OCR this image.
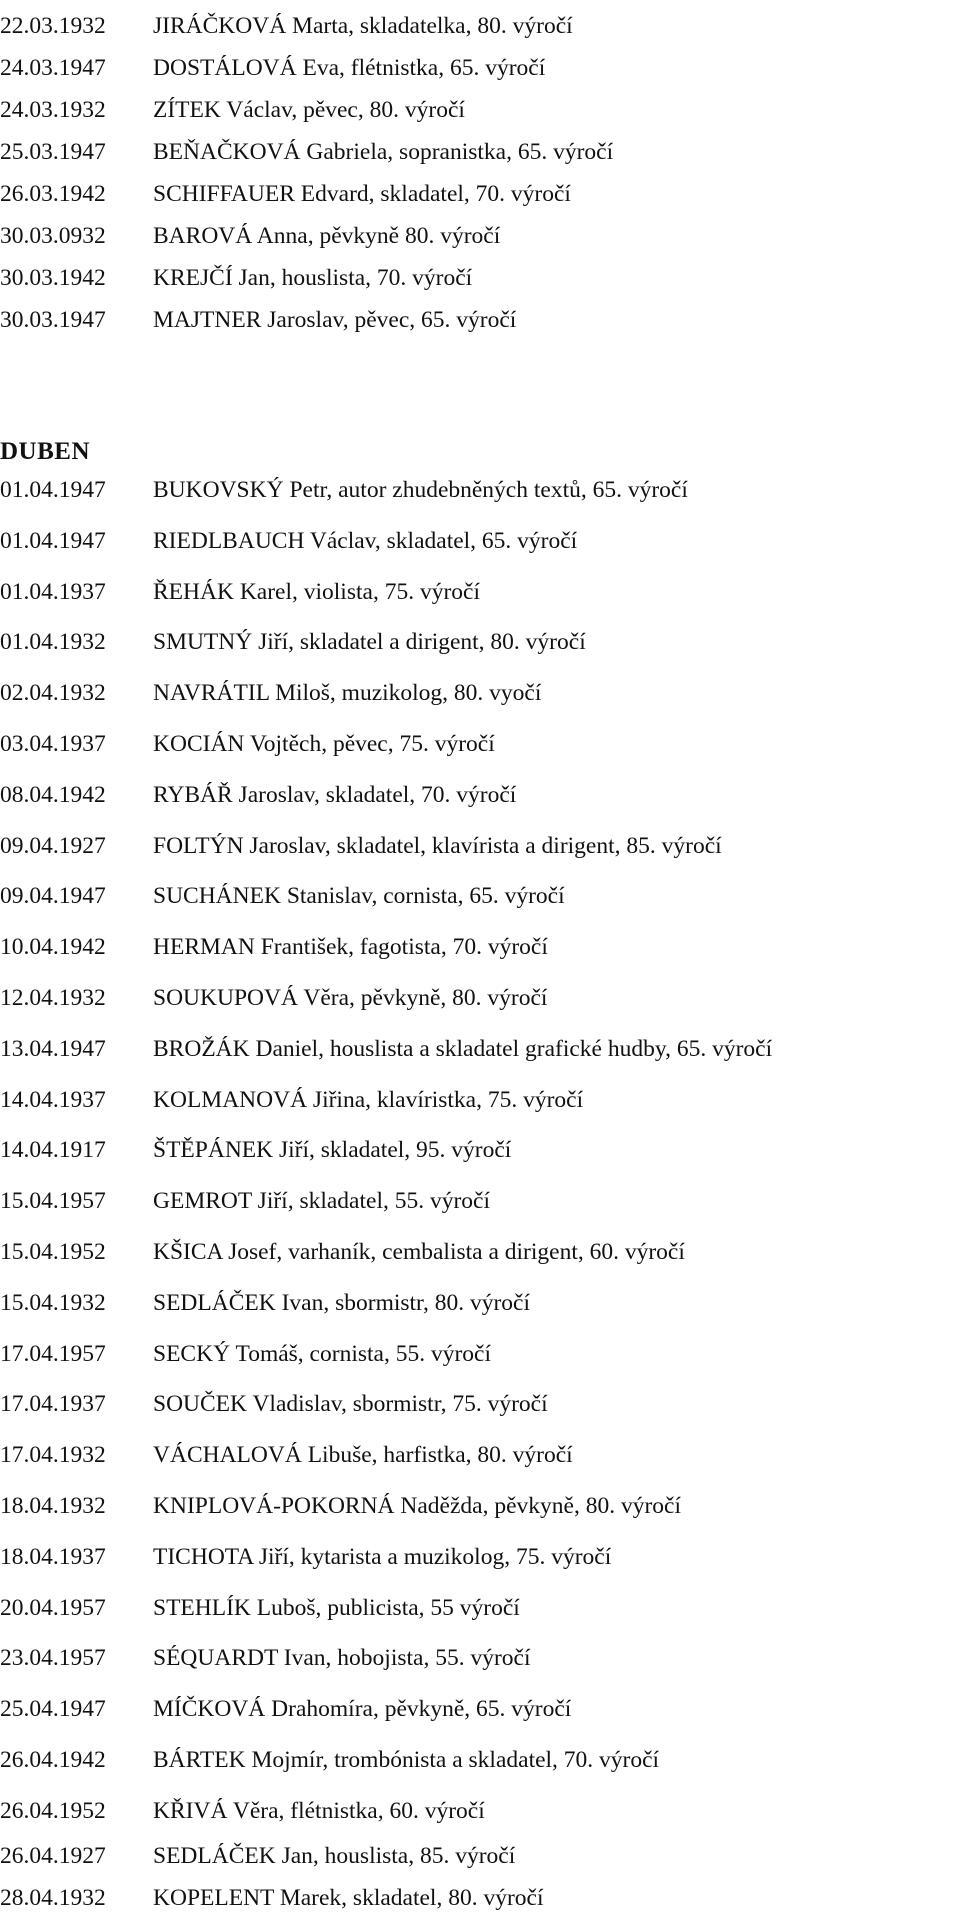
22.03.1932	JIRÁČKOVÁ Marta, skladatelka, 80. výročí
24.03.1947	DOSTÁLOVÁ Eva, flétnistka, 65. výročí
24.03.1932	ZÍTEK Václav, pěvec, 80. výročí
25.03.1947	BEŇAČKOVÁ Gabriela, sopranistka, 65. výročí
26.03.1942	SCHIFFAUER Edvard, skladatel, 70. výročí
30.03.0932	BAROVÁ Anna, pěvkyně 80. výročí
30.03.1942	KREJČÍ Jan, houslista, 70. výročí
30.03.1947	MAJTNER Jaroslav, pěvec, 65. výročí
DUBEN
01.04.1947	BUKOVSKÝ Petr, autor zhudebněných textů, 65. výročí
01.04.1947	RIEDLBAUCH Václav, skladatel, 65. výročí
01.04.1937	ŘEHÁK Karel, violista, 75. výročí
01.04.1932	SMUTNÝ Jiří, skladatel a dirigent, 80. výročí
02.04.1932	NAVRÁTIL Miloš, muzikolog, 80. vyočí
03.04.1937	KOCIÁN Vojtěch, pěvec, 75. výročí
08.04.1942	RYBÁŘ Jaroslav, skladatel, 70. výročí
09.04.1927	FOLTÝN Jaroslav, skladatel, klavírista a dirigent, 85. výročí
09.04.1947	SUCHÁNEK Stanislav, cornista, 65. výročí
10.04.1942	HERMAN František, fagotista, 70. výročí
12.04.1932	SOUKUPOVÁ Věra, pěvkyně, 80. výročí
13.04.1947	BROŽÁK Daniel, houslista a skladatel grafické hudby, 65. výročí
14.04.1937	KOLMANOVÁ Jiřina, klavíristka, 75. výročí
14.04.1917	ŠTĚPÁNEK Jiří, skladatel, 95. výročí
15.04.1957	GEMROT Jiří, skladatel, 55. výročí
15.04.1952	KŠICA Josef, varhaník, cembalista a dirigent, 60. výročí
15.04.1932	SEDLÁČEK Ivan, sbormistr, 80. výročí
17.04.1957	SECKÝ Tomáš, cornista, 55. výročí
17.04.1937	SOUČEK Vladislav, sbormistr, 75. výročí
17.04.1932	VÁCHALOVÁ Libuše, harfistka, 80. výročí
18.04.1932	KNIPLOVÁ-POKORNÁ Naděžda, pěvkyně, 80. výročí
18.04.1937	TICHOTA Jiří, kytarista a muzikolog, 75. výročí
20.04.1957	STEHLÍK Luboš, publicista, 55 výročí
23.04.1957	SÉQUARDT Ivan, hobojista, 55. výročí
25.04.1947	MÍČKOVÁ Drahomíra, pěvkyně, 65. výročí
26.04.1942	BÁRTEK Mojmír, trombónista a skladatel, 70. výročí
26.04.1952	KŘIVÁ Věra, flétnistka, 60. výročí
26.04.1927	SEDLÁČEK Jan, houslista, 85. výročí
28.04.1932	KOPELENT Marek, skladatel, 80. výročí
